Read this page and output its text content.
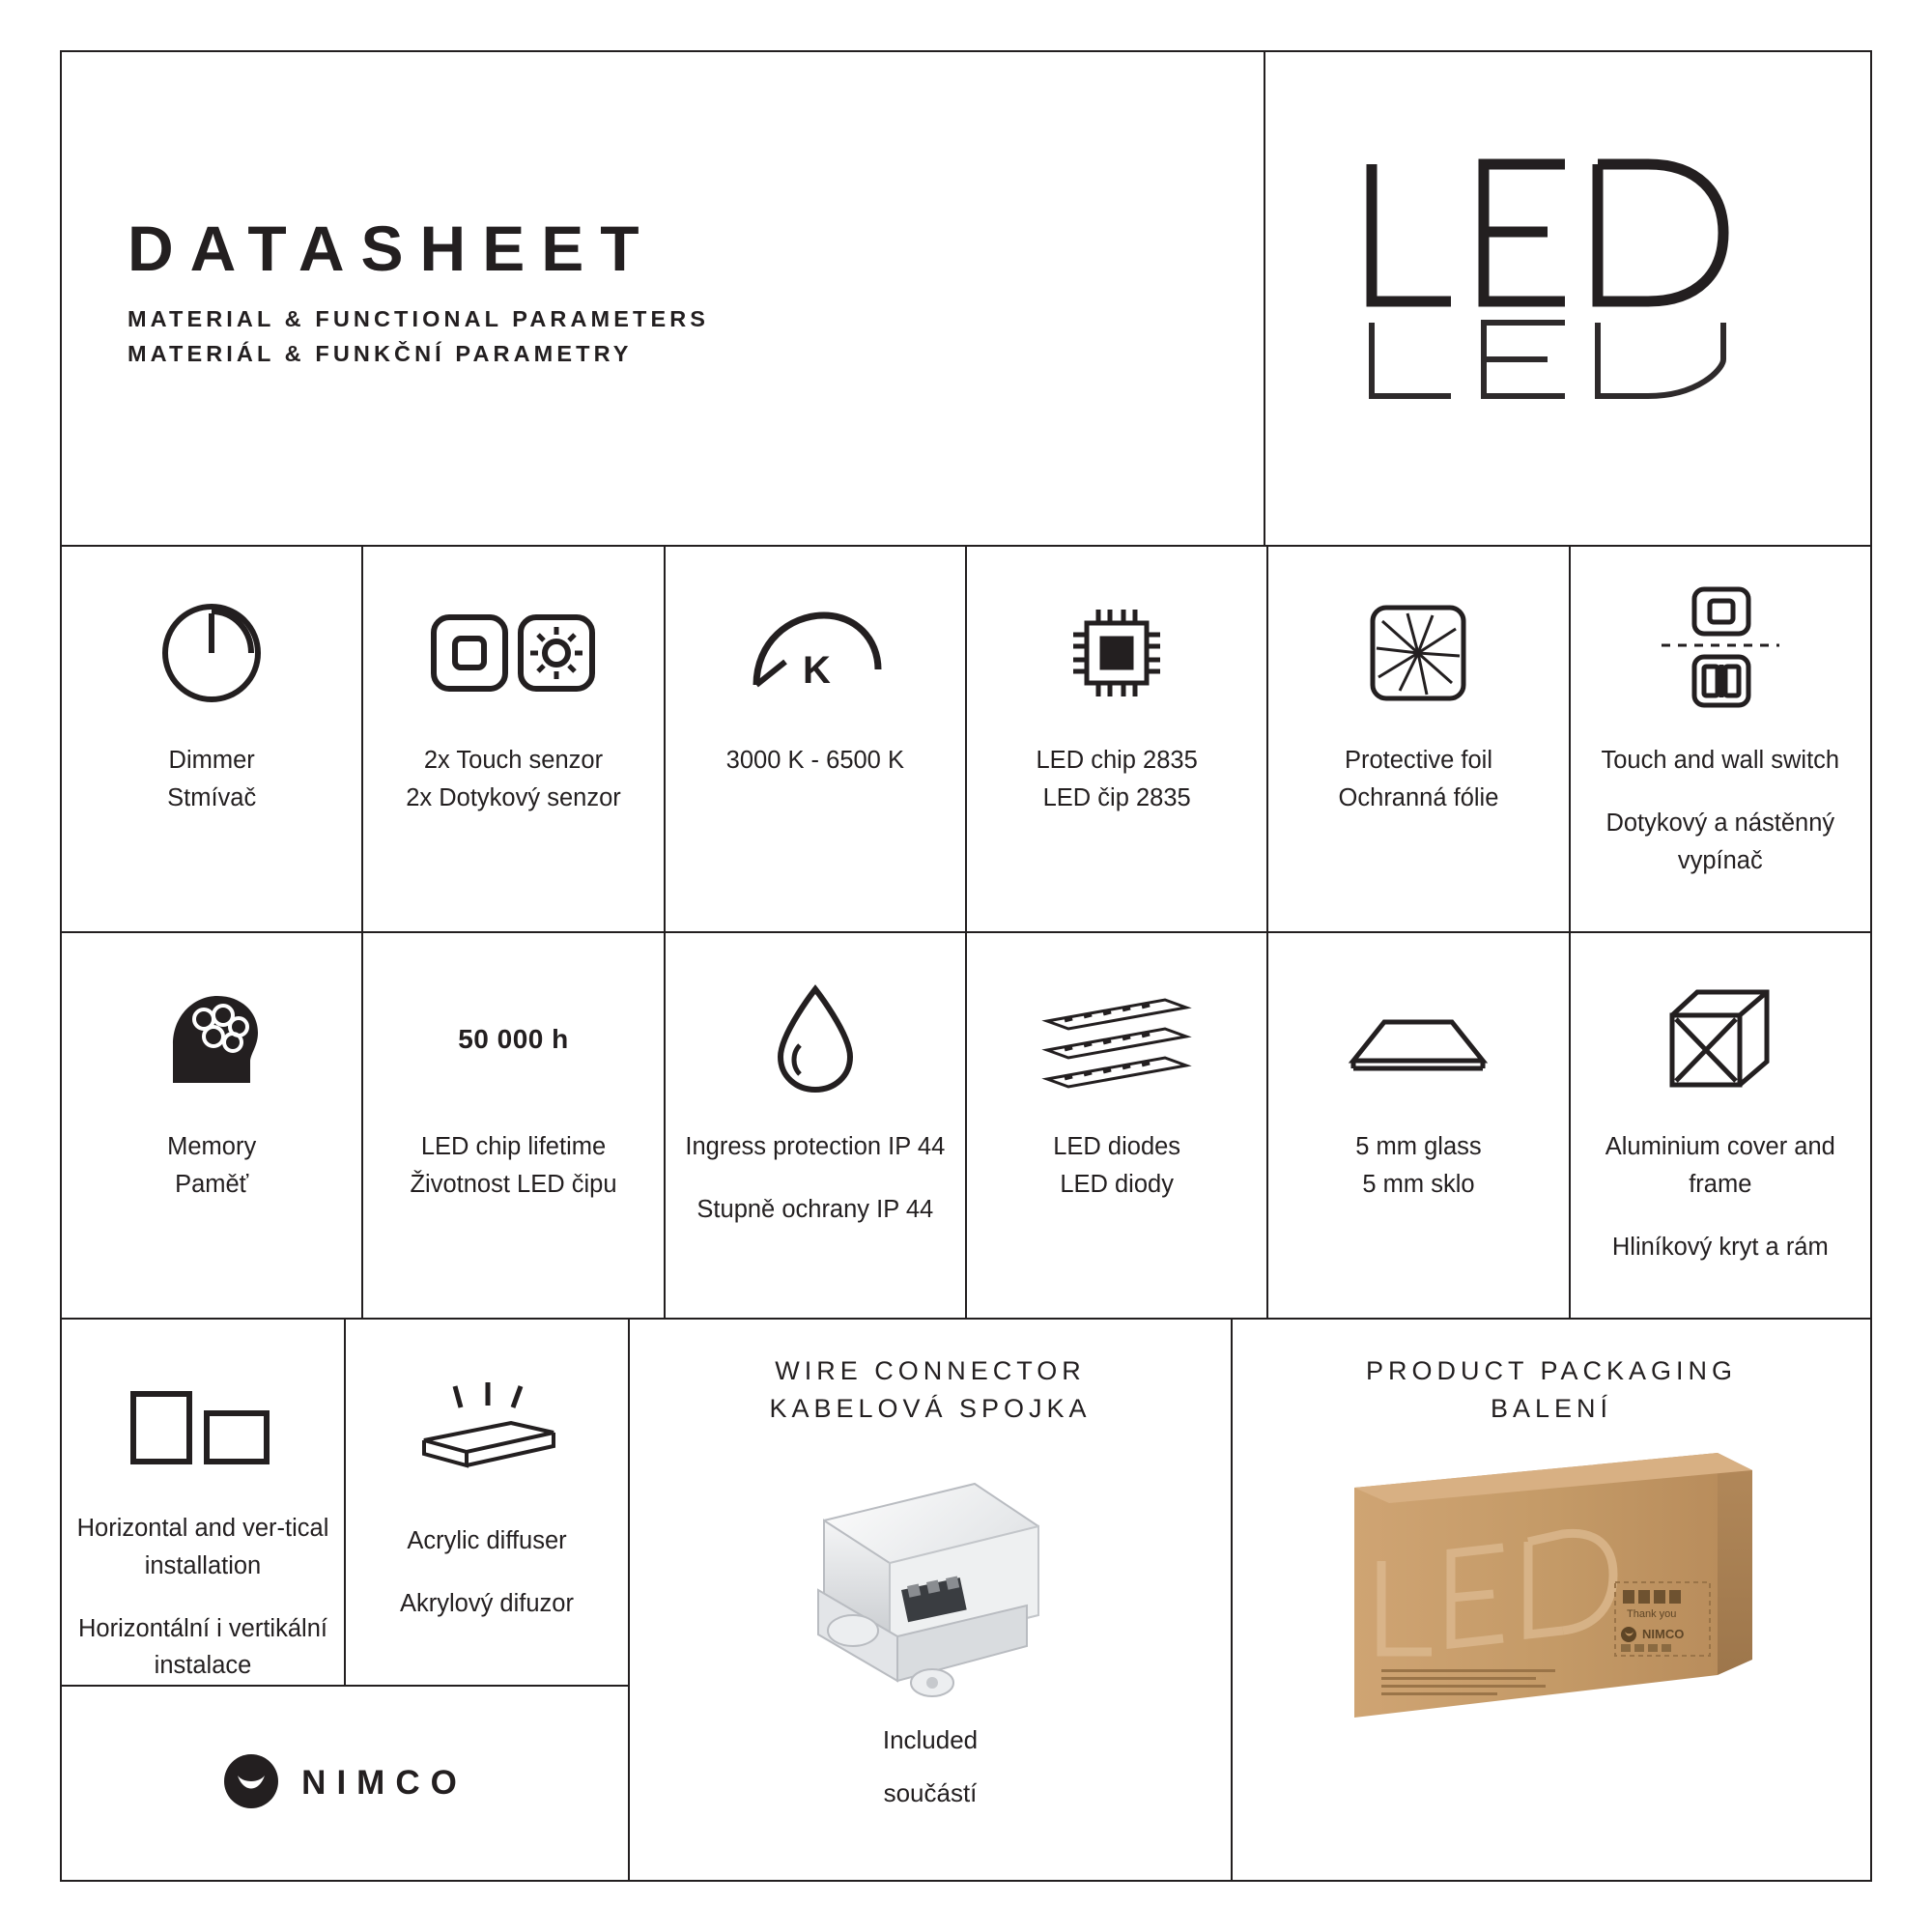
DATASHEET
MATERIAL & FUNCTIONAL PARAMETERS
MATERIÁL & FUNKČNÍ PARAMETRY
Dimmer
Stmívač
2x Touch senzor
2x Dotykový senzor
K
3000 K - 6500 K	LED chip 2835
LED čip 2835
Protective foil
Ochranná fólie
Touch and wall switch
Dotykový a nástěnný vypínač
Memory
Paměť
50 000 h
LED chip lifetime
Životnost LED čipu
Ingress protection IP 44
Stupně ochrany IP 44
LED diodes
LED diody
5 mm glass
5 mm sklo
Aluminium cover and frame
Hliníkový kryt a rám
Horizontal and ver-tical installation
Horizontální i vertikální instalace
Acrylic diffuser
Akrylový difuzor
NIMCO
WIRE CONNECTOR
KABELOVÁ SPOJKA
Included
součástí
PRODUCT PACKAGING
BALENÍ
Thank you
NIMCO
